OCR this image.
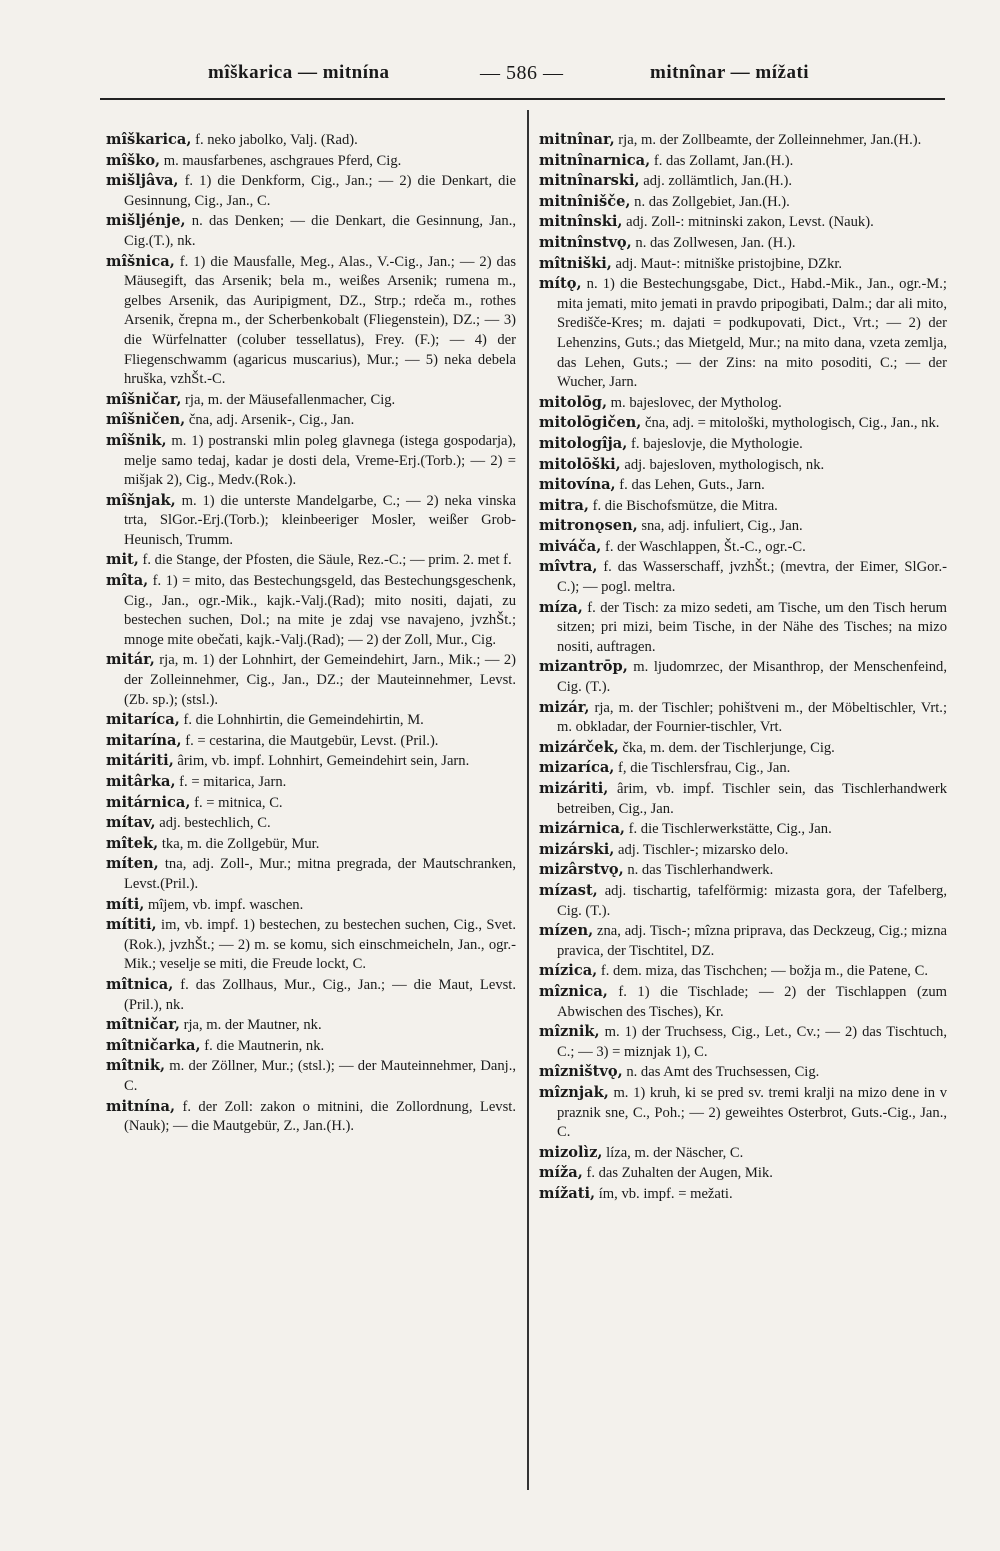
mîškarica — mitnína	— 586 —	mitnînar — mížati
mîškarica, f. neko jabolko, Valj. (Rad).
mîško, m. mausfarbenes, aschgraues Pferd, Cig.
mišljâva, f. 1) die Denkform, Cig., Jan.; — 2) die Denkart, die Gesinnung, Cig., Jan., C.
mišljénje, n. das Denken; — die Denkart, die Gesinnung, Jan., Cig.(T.), nk.
mîšnica, f. 1) die Mausfalle, Meg., Alas., V.-Cig., Jan.; — 2) das Mäusegift, das Arsenik; bela m., weißes Arsenik; rumena m., gelbes Arsenik, das Auripigment, DZ., Strp.; rdeča m., rothes Arsenik, črepna m., der Scherbenkobalt (Fliegenstein), DZ.; — 3) die Würfelnatter (coluber tessellatus), Frey. (F.); — 4) der Fliegenschwamm (agaricus muscarius), Mur.; — 5) neka debela hruška, vzhŠt.-C.
mîšničar, rja, m. der Mäusefallenmacher, Cig.
mîšničen, čna, adj. Arsenik-, Cig., Jan.
mîšnik, m. 1) postranski mlin poleg glavnega (istega gospodarja), melje samo tedaj, kadar je dosti dela, Vreme-Erj.(Torb.); — 2) = mišjak 2), Cig., Medv.(Rok.).
mîšnjak, m. 1) die unterste Mandelgarbe, C.; — 2) neka vinska trta, SlGor.-Erj.(Torb.); kleinbeeriger Mosler, weißer Grob-Heunisch, Trumm.
mit, f. die Stange, der Pfosten, die Säule, Rez.-C.; — prim. 2. met f.
mîta, f. 1) = mito, das Bestechungsgeld, das Bestechungsgeschenk, Cig., Jan., ogr.-Mik., kajk.-Valj.(Rad); mito nositi, dajati, zu bestechen suchen, Dol.; na mite je zdaj vse navajeno, jvzhŠt.; mnoge mite obečati, kajk.-Valj.(Rad); — 2) der Zoll, Mur., Cig.
mitár, rja, m. 1) der Lohnhirt, der Gemeindehirt, Jarn., Mik.; — 2) der Zolleinnehmer, Cig., Jan., DZ.; der Mauteinnehmer, Levst. (Zb. sp.); (stsl.).
mitaríca, f. die Lohnhirtin, die Gemeindehirtin, M.
mitarína, f. = cestarina, die Mautgebür, Levst. (Pril.).
mitáriti, ârim, vb. impf. Lohnhirt, Gemeindehirt sein, Jarn.
mitârka, f. = mitarica, Jarn.
mitárnica, f. = mitnica, C.
mítav, adj. bestechlich, C.
mîtek, tka, m. die Zollgebür, Mur.
míten, tna, adj. Zoll-, Mur.; mitna pregrada, der Mautschranken, Levst.(Pril.).
míti, mîjem, vb. impf. waschen.
mítiti, im, vb. impf. 1) bestechen, zu bestechen suchen, Cig., Svet. (Rok.), jvzhŠt.; — 2) m. se komu, sich einschmeicheln, Jan., ogr.-Mik.; veselje se miti, die Freude lockt, C.
mîtnica, f. das Zollhaus, Mur., Cig., Jan.; — die Maut, Levst.(Pril.), nk.
mîtničar, rja, m. der Mautner, nk.
mîtničarka, f. die Mautnerin, nk.
mîtnik, m. der Zöllner, Mur.; (stsl.); — der Mauteinnehmer, Danj., C.
mitnína, f. der Zoll: zakon o mitnini, die Zollordnung, Levst. (Nauk); — die Mautgebür, Z., Jan.(H.).
mitnînar, rja, m. der Zollbeamte, der Zolleinnehmer, Jan.(H.).
mitnînarnica, f. das Zollamt, Jan.(H.).
mitnînarski, adj. zollämtlich, Jan.(H.).
mitnînišče, n. das Zollgebiet, Jan.(H.).
mitnînski, adj. Zoll-: mitninski zakon, Levst. (Nauk).
mitnînstvǫ, n. das Zollwesen, Jan. (H.).
mîtniški, adj. Maut-: mitniške pristojbine, DZkr.
mítǫ, n. 1) die Bestechungsgabe, Dict., Habd.-Mik., Jan., ogr.-M.; mita jemati, mito jemati in pravdo pripogibati, Dalm.; dar ali mito, Središče-Kres; m. dajati = podkupovati, Dict., Vrt.; — 2) der Lehenzins, Guts.; das Mietgeld, Mur.; na mito dana, vzeta zemlja, das Lehen, Guts.; — der Zins: na mito posoditi, C.; — der Wucher, Jarn.
mitolōg, m. bajeslovec, der Mytholog.
mitolōgičen, čna, adj. = mitološki, mythologisch, Cig., Jan., nk.
mitologîja, f. bajeslovje, die Mythologie.
mitolōški, adj. bajesloven, mythologisch, nk.
mitovína, f. das Lehen, Guts., Jarn.
mitra, f. die Bischofsmütze, die Mitra.
mitronǫsen, sna, adj. infuliert, Cig., Jan.
miváča, f. der Waschlappen, Št.-C., ogr.-C.
mîvtra, f. das Wasserschaff, jvzhŠt.; (mevtra, der Eimer, SlGor.-C.); — pogl. meltra.
míza, f. der Tisch: za mizo sedeti, am Tische, um den Tisch herum sitzen; pri mizi, beim Tische, in der Nähe des Tisches; na mizo nositi, auftragen.
mizantrōp, m. ljudomrzec, der Misanthrop, der Menschenfeind, Cig. (T.).
mizár, rja, m. der Tischler; pohištveni m., der Möbeltischler, Vrt.; m. obkladar, der Fournier-tischler, Vrt.
mizárček, čka, m. dem. der Tischlerjunge, Cig.
mizaríca, f, die Tischlersfrau, Cig., Jan.
mizáriti, ârim, vb. impf. Tischler sein, das Tischlerhandwerk betreiben, Cig., Jan.
mizárnica, f. die Tischlerwerkstätte, Cig., Jan.
mizárski, adj. Tischler-; mizarsko delo.
mizârstvǫ, n. das Tischlerhandwerk.
mízast, adj. tischartig, tafelförmig: mizasta gora, der Tafelberg, Cig. (T.).
mízen, zna, adj. Tisch-; mîzna priprava, das Deckzeug, Cig.; mizna pravica, der Tischtitel, DZ.
mízica, f. dem. miza, das Tischchen; — božja m., die Patene, C.
mîznica, f. 1) die Tischlade; — 2) der Tischlappen (zum Abwischen des Tisches), Kr.
mîznik, m. 1) der Truchsess, Cig., Let., Cv.; — 2) das Tischtuch, C.; — 3) = miznjak 1), C.
mîzništvǫ, n. das Amt des Truchsessen, Cig.
mîznjak, m. 1) kruh, ki se pred sv. tremi kralji na mizo dene in v praznik sne, C., Poh.; — 2) geweihtes Osterbrot, Guts.-Cig., Jan., C.
mizolìz, líza, m. der Näscher, C.
míža, f. das Zuhalten der Augen, Mik.
mížati, ím, vb. impf. = mežati.
